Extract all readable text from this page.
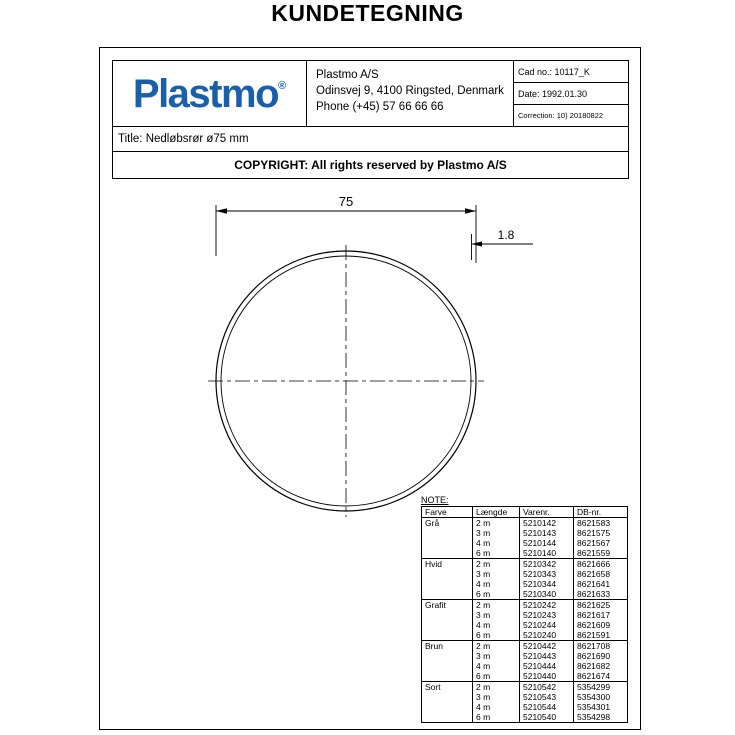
KUNDETEGNING
Plastmo®
Plastmo A/S
Odinsvej 9, 4100 Ringsted, Denmark
Phone (+45) 57 66 66 66
Cad no.: 10117_K
Date: 1992.01.30
Correction: 10) 20180822
Title: Nedløbsrør ø75 mm
COPYRIGHT: All rights reserved by Plastmo A/S
75
1.8
NOTE:
Farve	Længde	Varenr.	DB-nr.
Grå	2 m	5210142	8621583
	3 m	5210143	8621575
	4 m	5210144	8621567
	6 m	5210140	8621559
Hvid	2 m	5210342	8621666
	3 m	5210343	8621658
	4 m	5210344	8621641
	6 m	5210340	8621633
Grafit	2 m	5210242	8621625
	3 m	5210243	8621617
	4 m	5210244	8621609
	6 m	5210240	8621591
Brun	2 m	5210442	8621708
	3 m	5210443	8621690
	4 m	5210444	8621682
	6 m	5210440	8621674
Sort	2 m	5210542	5354299
	3 m	5210543	5354300
	4 m	5210544	5354301
	6 m	5210540	5354298
